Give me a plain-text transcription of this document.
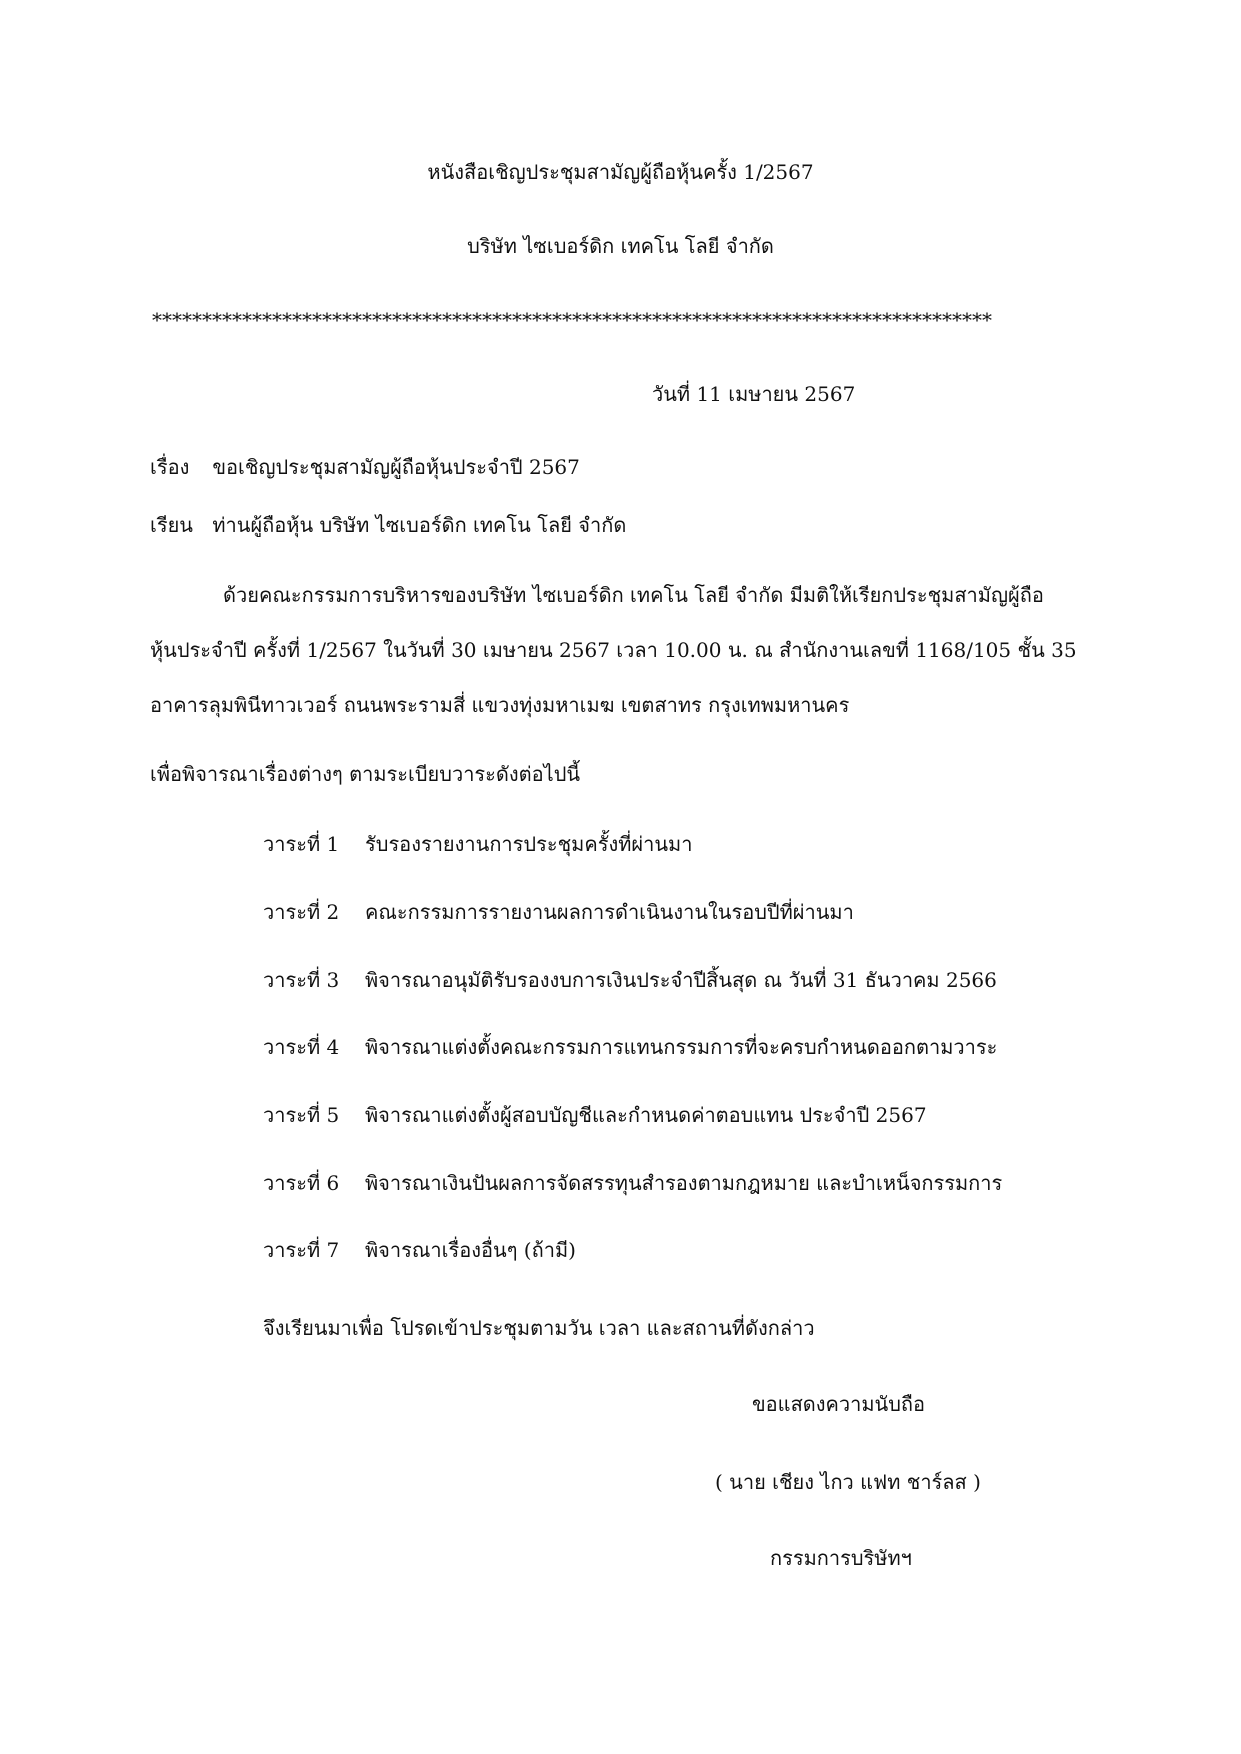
หนังสือเชิญประชุมสามัญผู้ถือหุ้นครั้ง 1/2567
บริษัท ไซเบอร์ดิก เทคโน โลยี จำกัด
************************************************************************************
วันที่ 11 เมษายน 2567
เรื่อง ขอเชิญประชุมสามัญผู้ถือหุ้นประจำปี 2567
เรียน ท่านผู้ถือหุ้น บริษัท ไซเบอร์ดิก เทคโน โลยี จำกัด
ด้วยคณะกรรมการบริหารของบริษัท ไซเบอร์ดิก เทคโน โลยี จำกัด มีมติให้เรียกประชุมสามัญผู้ถือ
หุ้นประจำปี ครั้งที่ 1/2567 ในวันที่ 30 เมษายน 2567 เวลา 10.00 น. ณ สำนักงานเลขที่ 1168/105 ชั้น 35
อาคารลุมพินีทาวเวอร์ ถนนพระรามสี่ แขวงทุ่งมหาเมฆ เขตสาทร กรุงเทพมหานคร
เพื่อพิจารณาเรื่องต่างๆ ตามระเบียบวาระดังต่อไปนี้
วาระที่ 1 รับรองรายงานการประชุมครั้งที่ผ่านมา
วาระที่ 2 คณะกรรมการรายงานผลการดำเนินงานในรอบปีที่ผ่านมา
วาระที่ 3 พิจารณาอนุมัติรับรองงบการเงินประจำปีสิ้นสุด ณ วันที่ 31 ธันวาคม 2566
วาระที่ 4 พิจารณาแต่งตั้งคณะกรรมการแทนกรรมการที่จะครบกำหนดออกตามวาระ
วาระที่ 5 พิจารณาแต่งตั้งผู้สอบบัญชีและกำหนดค่าตอบแทน ประจำปี 2567
วาระที่ 6 พิจารณาเงินปันผลการจัดสรรทุนสำรองตามกฎหมาย และบำเหน็จกรรมการ
วาระที่ 7 พิจารณาเรื่องอื่นๆ (ถ้ามี)
จึงเรียนมาเพื่อ โปรดเข้าประชุมตามวัน เวลา และสถานที่ดังกล่าว
ขอแสดงความนับถือ
( นาย เชียง ไกว แฟท ชาร์ลส )
กรรมการบริษัทฯ
